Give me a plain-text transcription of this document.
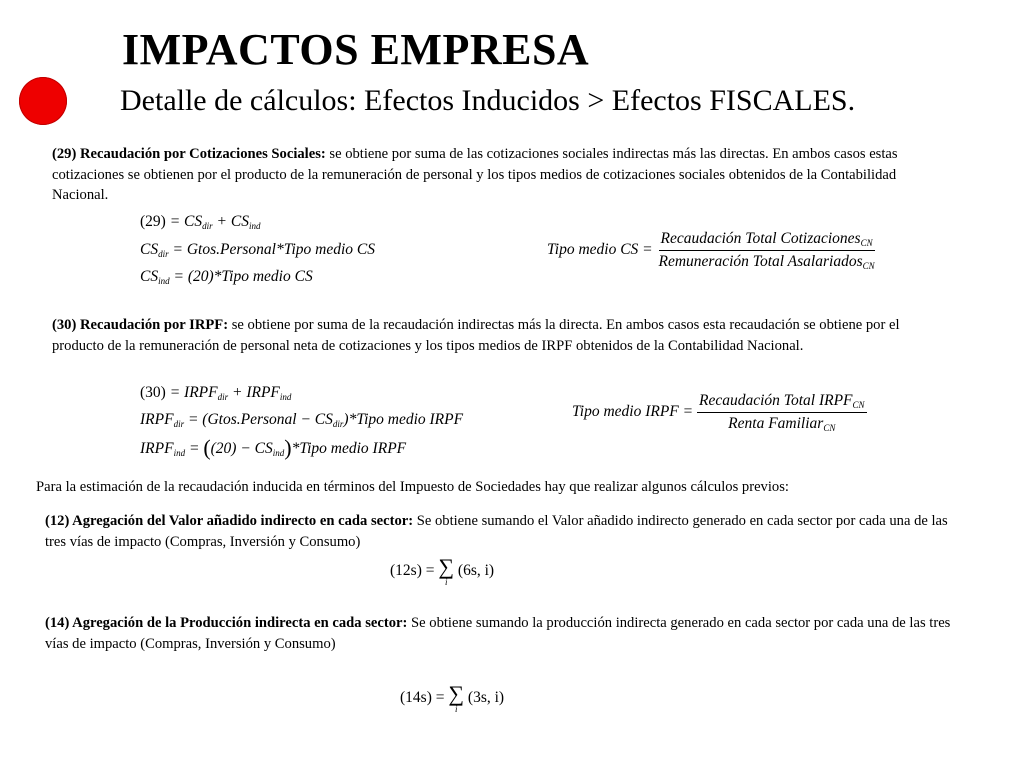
IMPACTOS EMPRESA
Detalle de cálculos: Efectos Inducidos > Efectos FISCALES.
(29) Recaudación por Cotizaciones Sociales: se obtiene por suma de las cotizaciones sociales indirectas más las directas. En ambos casos estas cotizaciones se obtienen por el producto de la remuneración de personal y los tipos medios de cotizaciones sociales obtenidos de la Contabilidad Nacional.
$(29) = CS_{dir} + CS_{ind}$
$CS_{dir}$ = Gtos.Personal*Tipo medio CS
$CS_{ind}$ = (20)*Tipo medio CS
Tipo medio CS = $\frac{Recaudación Total Cotizaciones_{CN}}{Remuneración Total Asalariados_{CN}}$
(30) Recaudación por IRPF: se obtiene por suma de la recaudación indirectas más la directa. En ambos casos esta recaudación se obtiene por el producto de la remuneración de personal neta de cotizaciones y los tipos medios de IRPF obtenidos de la Contabilidad Nacional.
$(30) = IRPF_{dir}$ + $IRPF_{ind}$
$IRPF_{dir}$ = (Gtos.Personal − $CS_{dir})*Tipo$ medio IRPF
$IRPF_{ind} = ((20)$ − $CS_{ind})*Tipo$ medio IRPF
Tipo medio IRPF = $\frac{Recaudación Total IRPF_{CN}}{Renta Familiar_{CN}}$
Para la estimación de la recaudación inducida en términos del Impuesto de Sociedades hay que realizar algunos cálculos previos:
(12) Agregación del Valor añadido indirecto en cada sector: Se obtiene sumando el Valor añadido indirecto generado en cada sector por cada una de las tres vías de impacto (Compras, Inversión y Consumo)
(12s) = ∑
i
(6s, i)
(14) Agregación de la Producción indirecta en cada sector: Se obtiene sumando la producción indirecta generado en cada sector por cada una de las tres vías de impacto (Compras, Inversión y Consumo)
(14s) = ∑
i
(3s, i)
